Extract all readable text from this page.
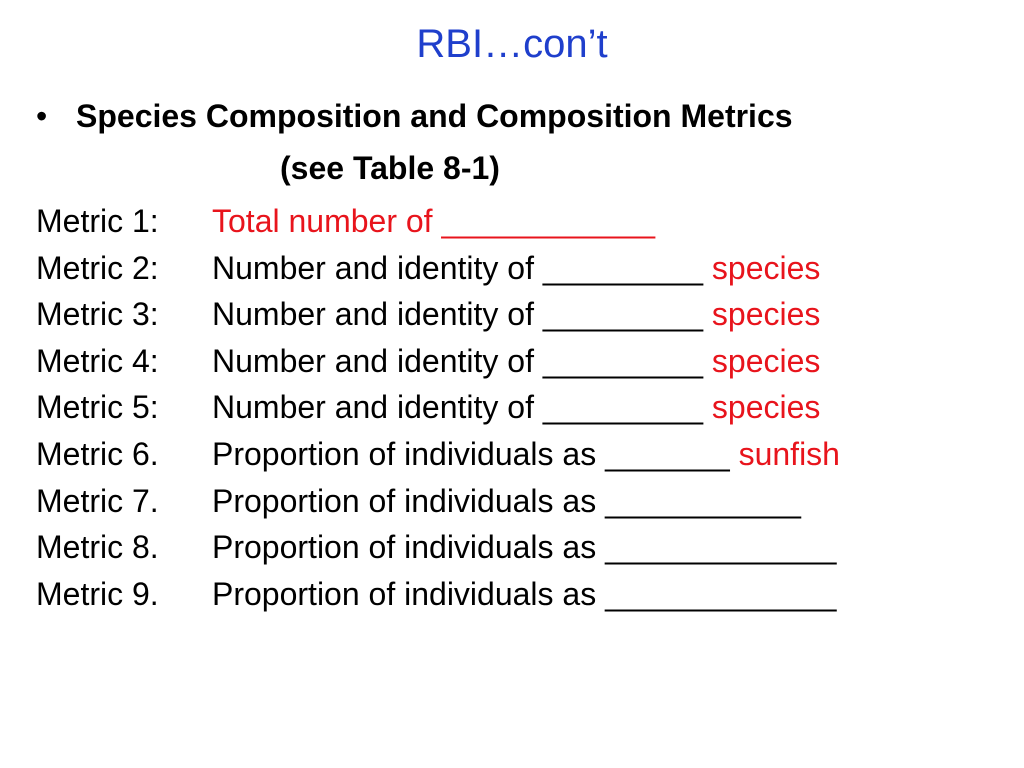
RBI…con’t
• Species Composition and Composition Metrics
(see Table 8-1)
Metric 1: Total number of ____________
Metric 2: Number and identity of _________ species
Metric 3: Number and identity of _________ species
Metric 4: Number and identity of _________ species
Metric 5: Number and identity of _________ species
Metric 6. Proportion of individuals as _______ sunfish
Metric 7. Proportion of individuals as ___________
Metric 8. Proportion of individuals as _____________
Metric 9. Proportion of individuals as _____________
